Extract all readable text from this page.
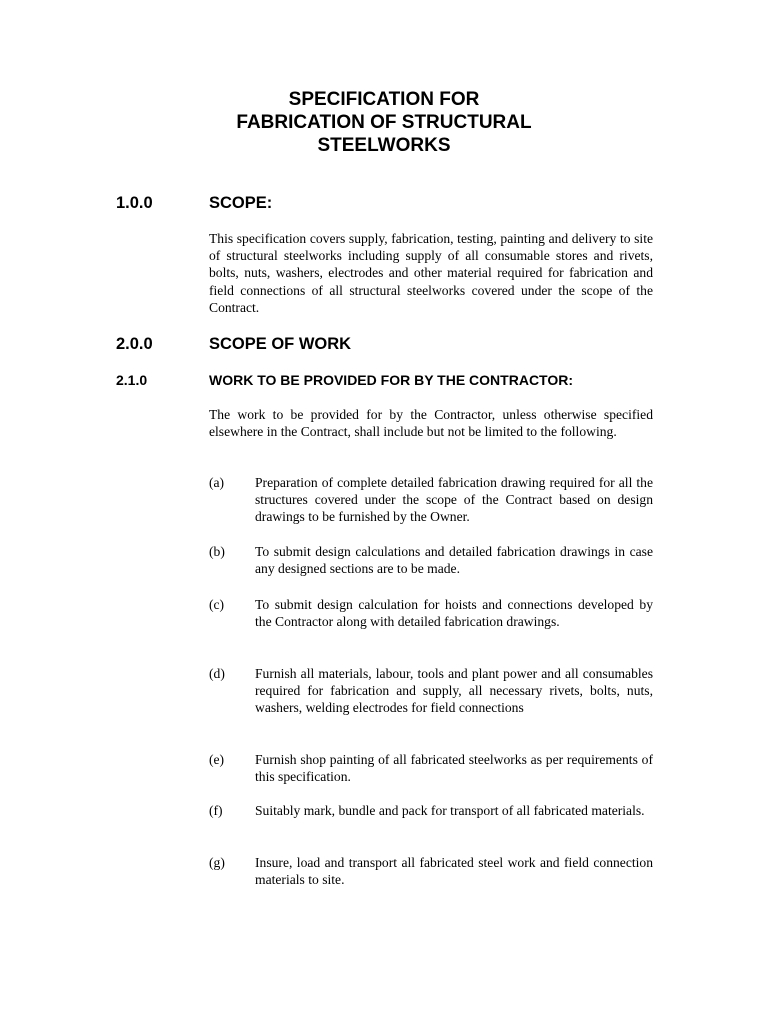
SPECIFICATION FOR
FABRICATION OF STRUCTURAL
STEELWORKS
1.0.0	SCOPE:

This specification covers supply, fabrication, testing, painting and delivery to site of structural steelworks including supply of all consumable stores and rivets, bolts, nuts, washers, electrodes and other material required for fabrication and field connections of all structural steelworks covered under the scope of the Contract.

2.0.0	SCOPE OF WORK
2.1.0	WORK TO BE PROVIDED FOR BY THE CONTRACTOR:

The work to be provided for by the Contractor, unless otherwise specified elsewhere in the Contract, shall include but not be limited to the following.

(a) Preparation of complete detailed fabrication drawing required for all the structures covered under the scope of the Contract based on design drawings to be furnished by the Owner.

(b) To submit design calculations and detailed fabrication drawings in case any designed sections are to be made.

(c) To submit design calculation for hoists and connections developed by the Contractor along with detailed fabrication drawings.

(d) Furnish all materials, labour, tools and plant power and all consumables required for fabrication and supply, all necessary rivets, bolts, nuts, washers, welding electrodes for field connections

(e) Furnish shop painting of all fabricated steelworks as per requirements of this specification.

(f) Suitably mark, bundle and pack for transport of all fabricated materials.

(g) Insure, load and transport all fabricated steel work and field connection materials to site.
